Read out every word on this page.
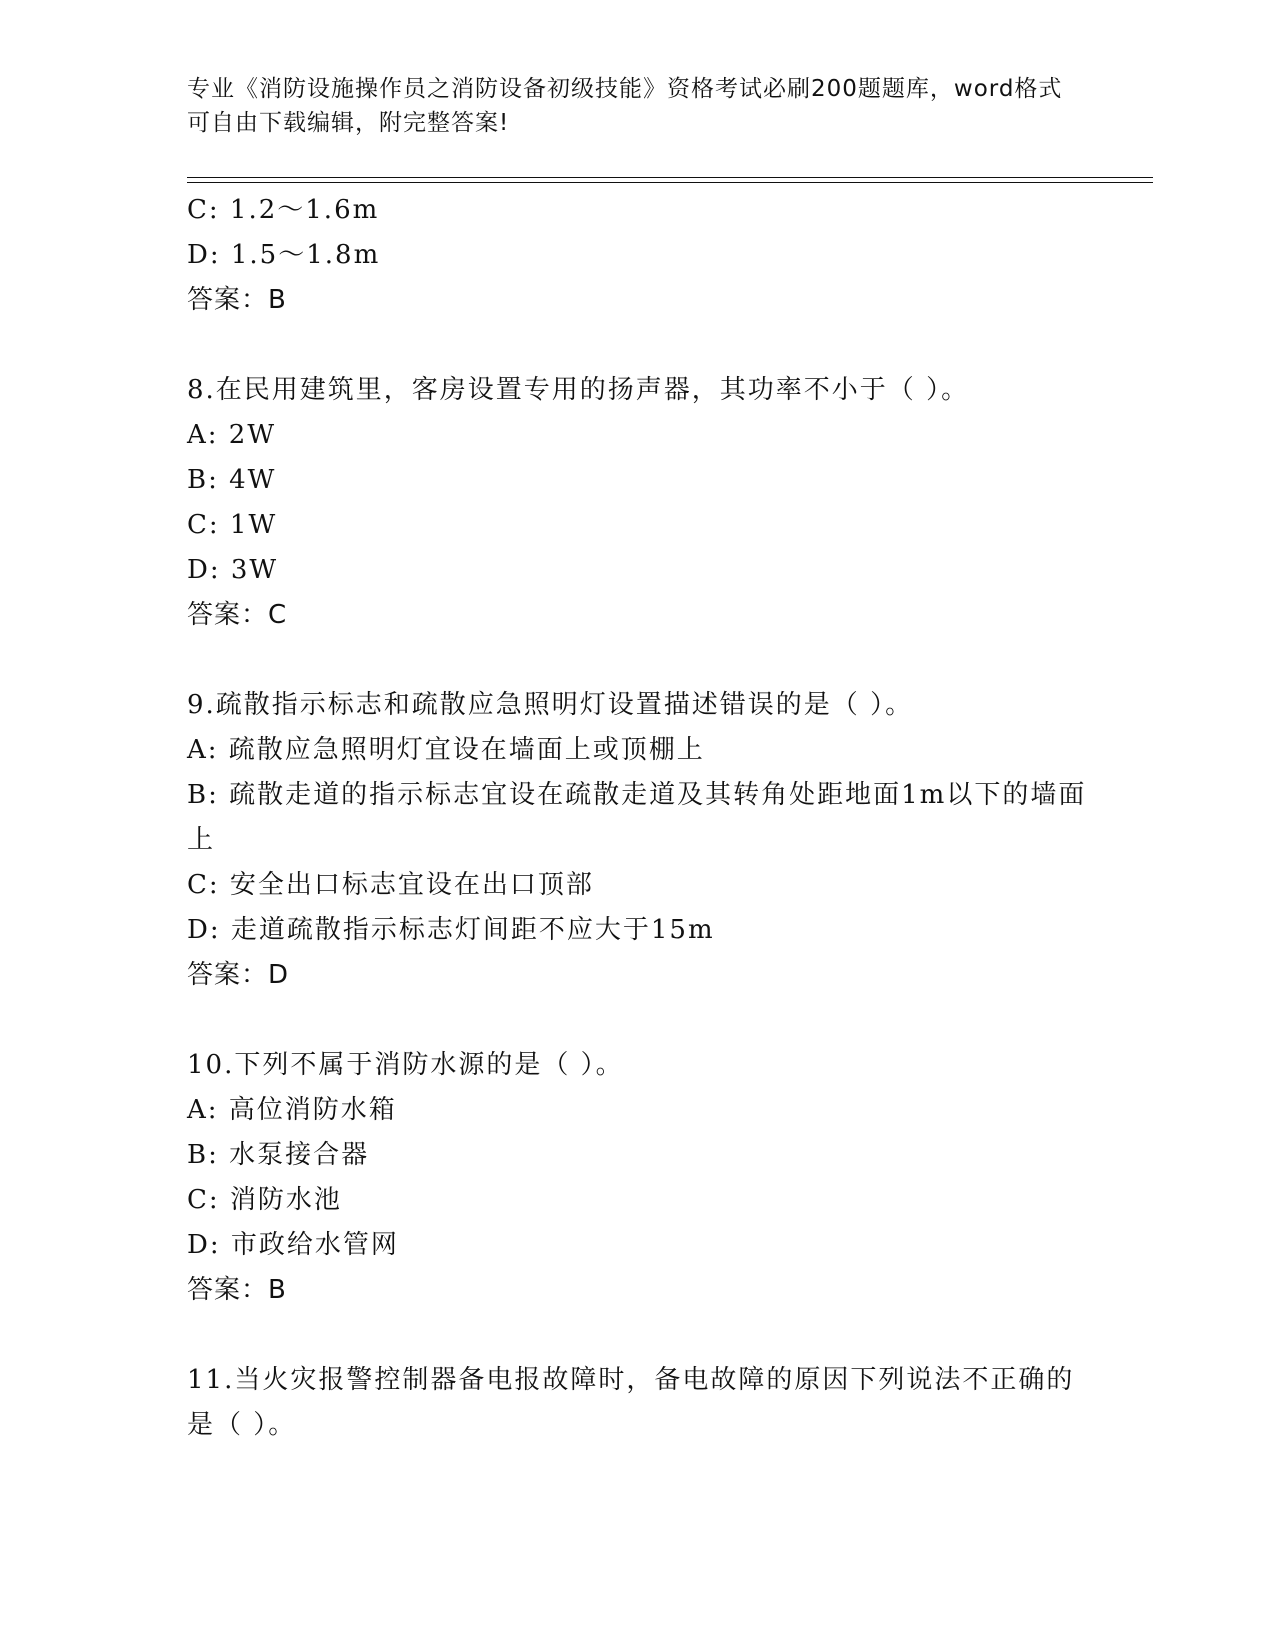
专业《消防设施操作员之消防设备初级技能》资格考试必刷200题题库，word格式可自由下载编辑，附完整答案!
C: 1.2～1.6m
D: 1.5～1.8m
答案：B
8.在民用建筑里，客房设置专用的扬声器，其功率不小于（ ）。
A: 2W
B: 4W
C: 1W
D: 3W
答案：C
9.疏散指示标志和疏散应急照明灯设置描述错误的是（ ）。
A: 疏散应急照明灯宜设在墙面上或顶棚上
B: 疏散走道的指示标志宜设在疏散走道及其转角处距地面1m以下的墙面上
C: 安全出口标志宜设在出口顶部
D: 走道疏散指示标志灯间距不应大于15m
答案：D
10.下列不属于消防水源的是（ ）。
A: 高位消防水箱
B: 水泵接合器
C: 消防水池
D: 市政给水管网
答案：B
11.当火灾报警控制器备电报故障时，备电故障的原因下列说法不正确的是（ ）。
